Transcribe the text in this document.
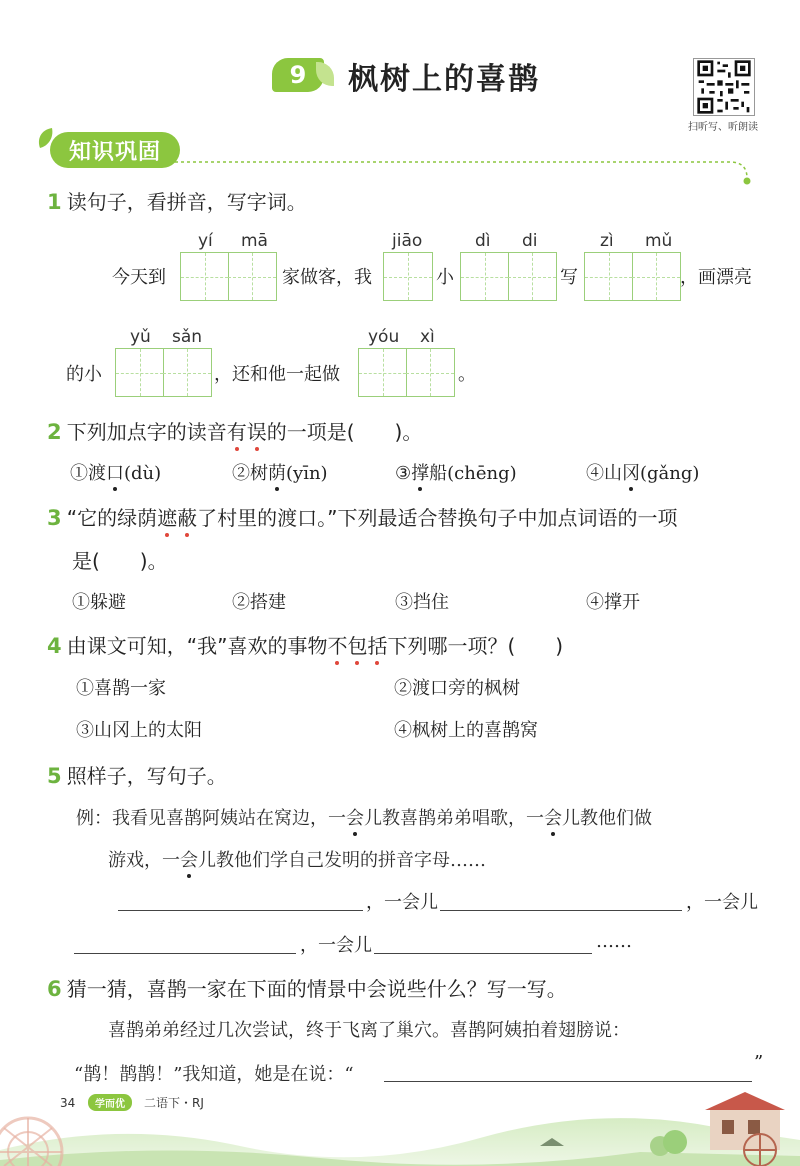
9 枫树上的喜鹊
扫听写、听朗读
知识巩固
1 读句子，看拼音，写字词。
yí mā	jiāo	dì di	zì mǔ
今天到	家做客，我	小	写	，画漂亮
yǔ sǎn	yóu xì
的小	，还和他一起做	。
2 下列加点字的读音有误的一项是(　　)。
①渡口(dù)	②树荫(yīn)	③撑船(chēng)	④山冈(gǎng)
3 “它的绿荫遮蔽了村里的渡口。”下列最适合替换句子中加点词语的一项
是(　　)。
①躲避	②搭建	③挡住	④撑开
4 由课文可知，“我”喜欢的事物不包括下列哪一项？(　　)
①喜鹊一家	②渡口旁的枫树
③山冈上的太阳	④枫树上的喜鹊窝
5 照样子，写句子。
例：我看见喜鹊阿姨站在窝边，一会儿教喜鹊弟弟唱歌，一会儿教他们做
游戏，一会儿教他们学自己发明的拼音字母……
，一会儿	，一会儿
，一会儿	……
6 猜一猜，喜鹊一家在下面的情景中会说些什么？写一写。
喜鹊弟弟经过几次尝试，终于飞离了巢穴。喜鹊阿姨拍着翅膀说：
“鹊！鹊鹊！”我知道，她是在说：“
”
34	学而优	二语下・RJ
